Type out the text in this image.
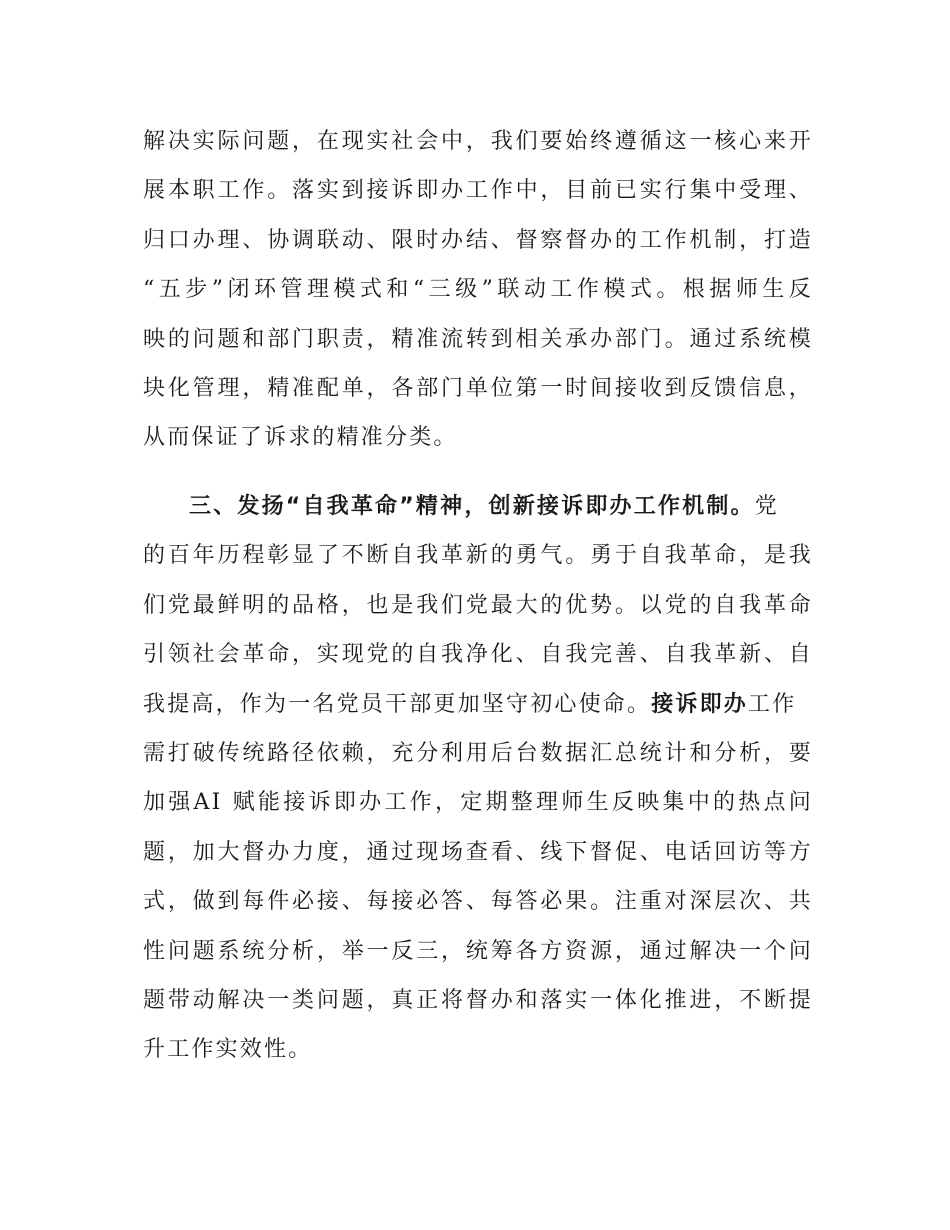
解决实际问题，在现实社会中，我们要始终遵循这一核心来开
展本职工作。落实到接诉即办工作中，目前已实行集中受理、
归口办理、协调联动、限时办结、督察督办的工作机制，打造
“五步”闭环管理模式和“三级”联动工作模式。根据师生反
映的问题和部门职责，精准流转到相关承办部门。通过系统模
块化管理，精准配单，各部门单位第一时间接收到反馈信息，
从而保证了诉求的精准分类。
三、发扬“自我革命”精神，创新接诉即办工作机制。党
的百年历程彰显了不断自我革新的勇气。勇于自我革命，是我
们党最鲜明的品格，也是我们党最大的优势。以党的自我革命
引领社会革命，实现党的自我净化、自我完善、自我革新、自
我提高，作为一名党员干部更加坚守初心使命。接诉即办工作
需打破传统路径依赖，充分利用后台数据汇总统计和分析，要
加强AI 赋能接诉即办工作，定期整理师生反映集中的热点问
题，加大督办力度，通过现场查看、线下督促、电话回访等方
式，做到每件必接、每接必答、每答必果。注重对深层次、共
性问题系统分析，举一反三，统筹各方资源，通过解决一个问
题带动解决一类问题，真正将督办和落实一体化推进，不断提
升工作实效性。
